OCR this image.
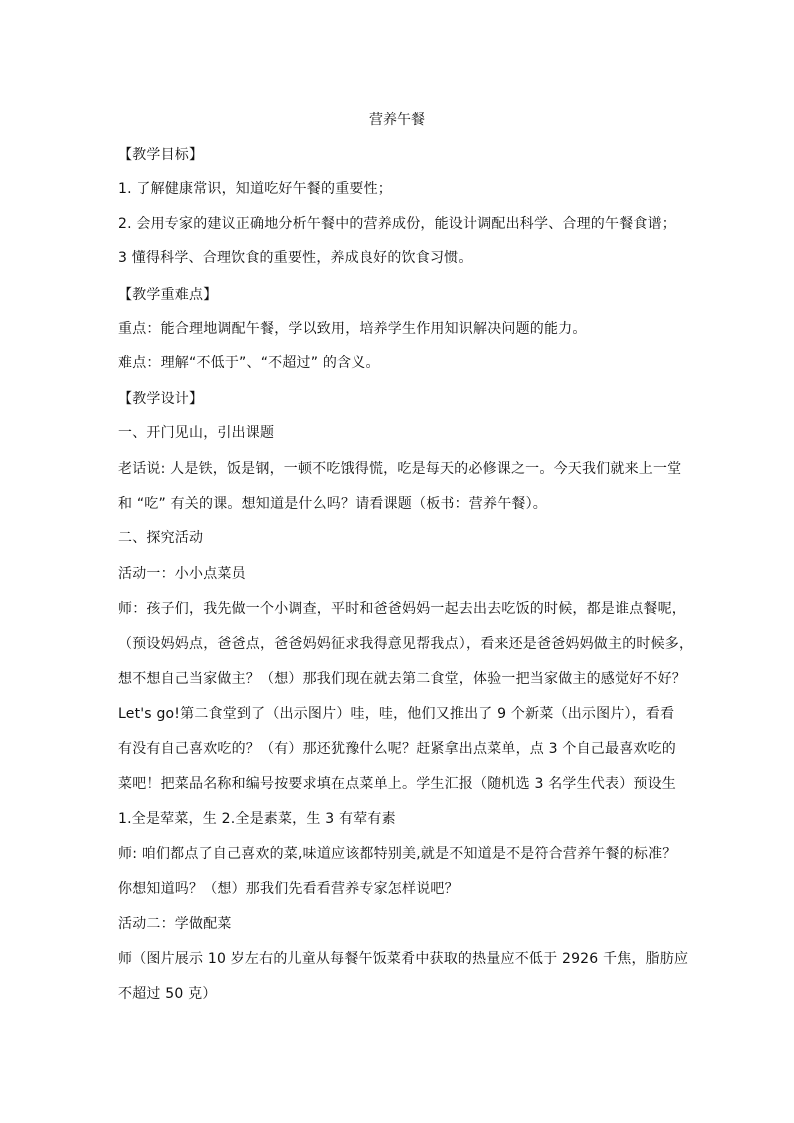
营养午餐
【教学目标】
1. 了解健康常识，知道吃好午餐的重要性；
2. 会用专家的建议正确地分析午餐中的营养成份，能设计调配出科学、合理的午餐食谱；
3 懂得科学、合理饮食的重要性，养成良好的饮食习惯。
【教学重难点】
重点：能合理地调配午餐，学以致用，培养学生作用知识解决问题的能力。
难点：理解“不低于”、“不超过” 的含义。
【教学设计】
一、开门见山，引出课题
老话说: 人是铁，饭是钢，一顿不吃饿得慌，吃是每天的必修课之一。今天我们就来上一堂
和 “吃” 有关的课。想知道是什么吗？请看课题（板书：营养午餐）。
二、探究活动
活动一：小小点菜员
师：孩子们，我先做一个小调查，平时和爸爸妈妈一起去出去吃饭的时候，都是谁点餐呢，
（预设妈妈点，爸爸点，爸爸妈妈征求我得意见帮我点），看来还是爸爸妈妈做主的时候多，
想不想自己当家做主？（想）那我们现在就去第二食堂，体验一把当家做主的感觉好不好？
Let's go!第二食堂到了（出示图片）哇，哇，他们又推出了 9 个新菜（出示图片），看看
有没有自己喜欢吃的？（有）那还犹豫什么呢？赶紧拿出点菜单，点 3 个自己最喜欢吃的
菜吧！把菜品名称和编号按要求填在点菜单上。学生汇报（随机选 3 名学生代表）预设生
1.全是荤菜，生 2.全是素菜，生 3 有荤有素
师: 咱们都点了自己喜欢的菜,味道应该都特别美,就是不知道是不是符合营养午餐的标准？
你想知道吗？（想）那我们先看看营养专家怎样说吧？
活动二：学做配菜
师（图片展示 10 岁左右的儿童从每餐午饭菜肴中获取的热量应不低于 2926 千焦，脂肪应
不超过 50 克）
